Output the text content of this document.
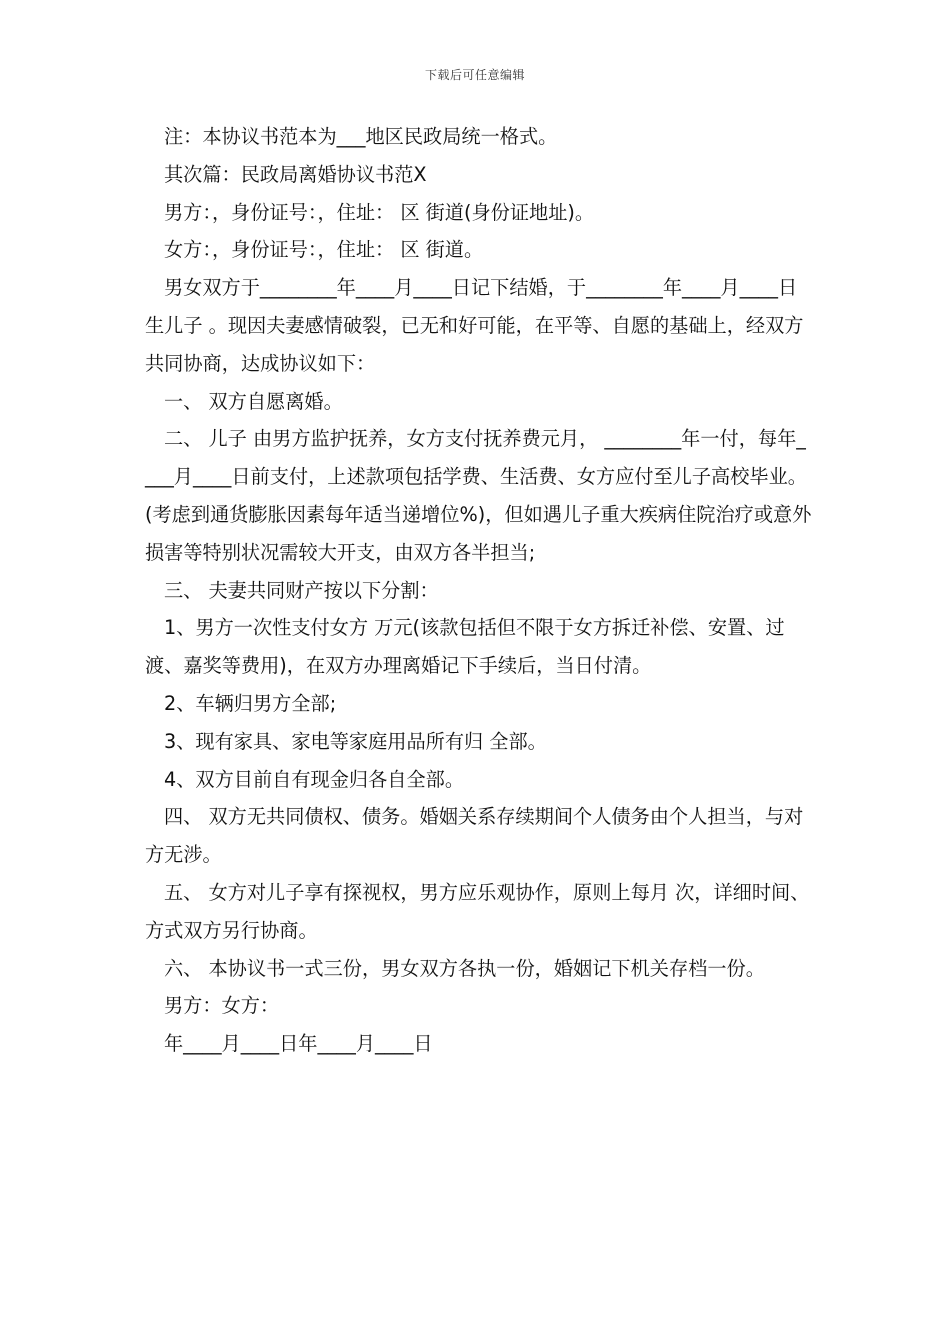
下载后可任意编辑

注：本协议书范本为___地区民政局统一格式。

其次篇：民政局离婚协议书范Ⅹ

男方：，身份证号：，住址： 区 街道(身份证地址)。

女方：，身份证号：，住址： 区 街道。

男女双方于________年____月____日记下结婚，于________年____月____日生儿子 。现因夫妻感情破裂，已无和好可能，在平等、自愿的基础上，经双方共同协商，达成协议如下：

一、 双方自愿离婚。

二、 儿子 由男方监护抚养，女方支付抚养费元月， ________年一付，每年____月____日前支付，上述款项包括学费、生活费、女方应付至儿子高校毕业。(考虑到通货膨胀因素每年适当递增位%)，但如遇儿子重大疾病住院治疗或意外损害等特别状况需较大开支，由双方各半担当;

三、 夫妻共同财产按以下分割：

1、男方一次性支付女方 万元(该款包括但不限于女方拆迁补偿、安置、过渡、嘉奖等费用)，在双方办理离婚记下手续后，当日付清。

2、车辆归男方全部;

3、现有家具、家电等家庭用品所有归 全部。

4、双方目前自有现金归各自全部。

四、 双方无共同债权、债务。婚姻关系存续期间个人债务由个人担当，与对方无涉。

五、 女方对儿子享有探视权，男方应乐观协作，原则上每月 次，详细时间、方式双方另行协商。

六、 本协议书一式三份，男女双方各执一份，婚姻记下机关存档一份。

男方：女方：

年____月____日年____月____日
